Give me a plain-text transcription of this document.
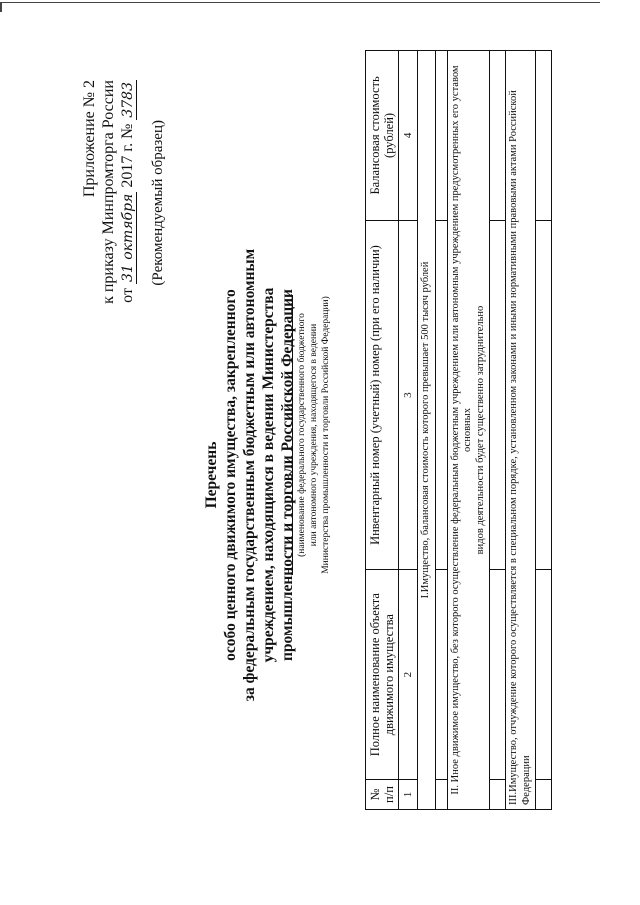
Приложение № 2 к приказу Минпромторга России от 31 октября 2017 г. № 3783
(Рекомендуемый образец)
Перечень особо ценного движимого имущества, закрепленного за федеральным государственным бюджетным или автономным учреждением, находящимся в ведении Министерства промышленности и торговли Российской Федерации (наименование федерального государственного бюджетного или автономного учреждения, находящегося в ведении Министерства промышленности и торговли Российской Федерации)
№ п/п	Полное наименование объекта движимого имущества	Инвентарный номер (учетный) номер (при его наличии)	Балансовая стоимость (рублей)
1	2	3	4
I.Имущество, балансовая стоимость которого превышает 500 тысяч рублей			

II. Иное движимое имущество, без которого осуществление федеральным бюджетным учреждением или автономным учреждением предусмотренных его уставом основных видов деятельности будет существенно затруднительно			

III.Имущество, отчуждение которого осуществляется в специальном порядке, установленном законами и иными нормативными правовыми актами Российской Федерации			
